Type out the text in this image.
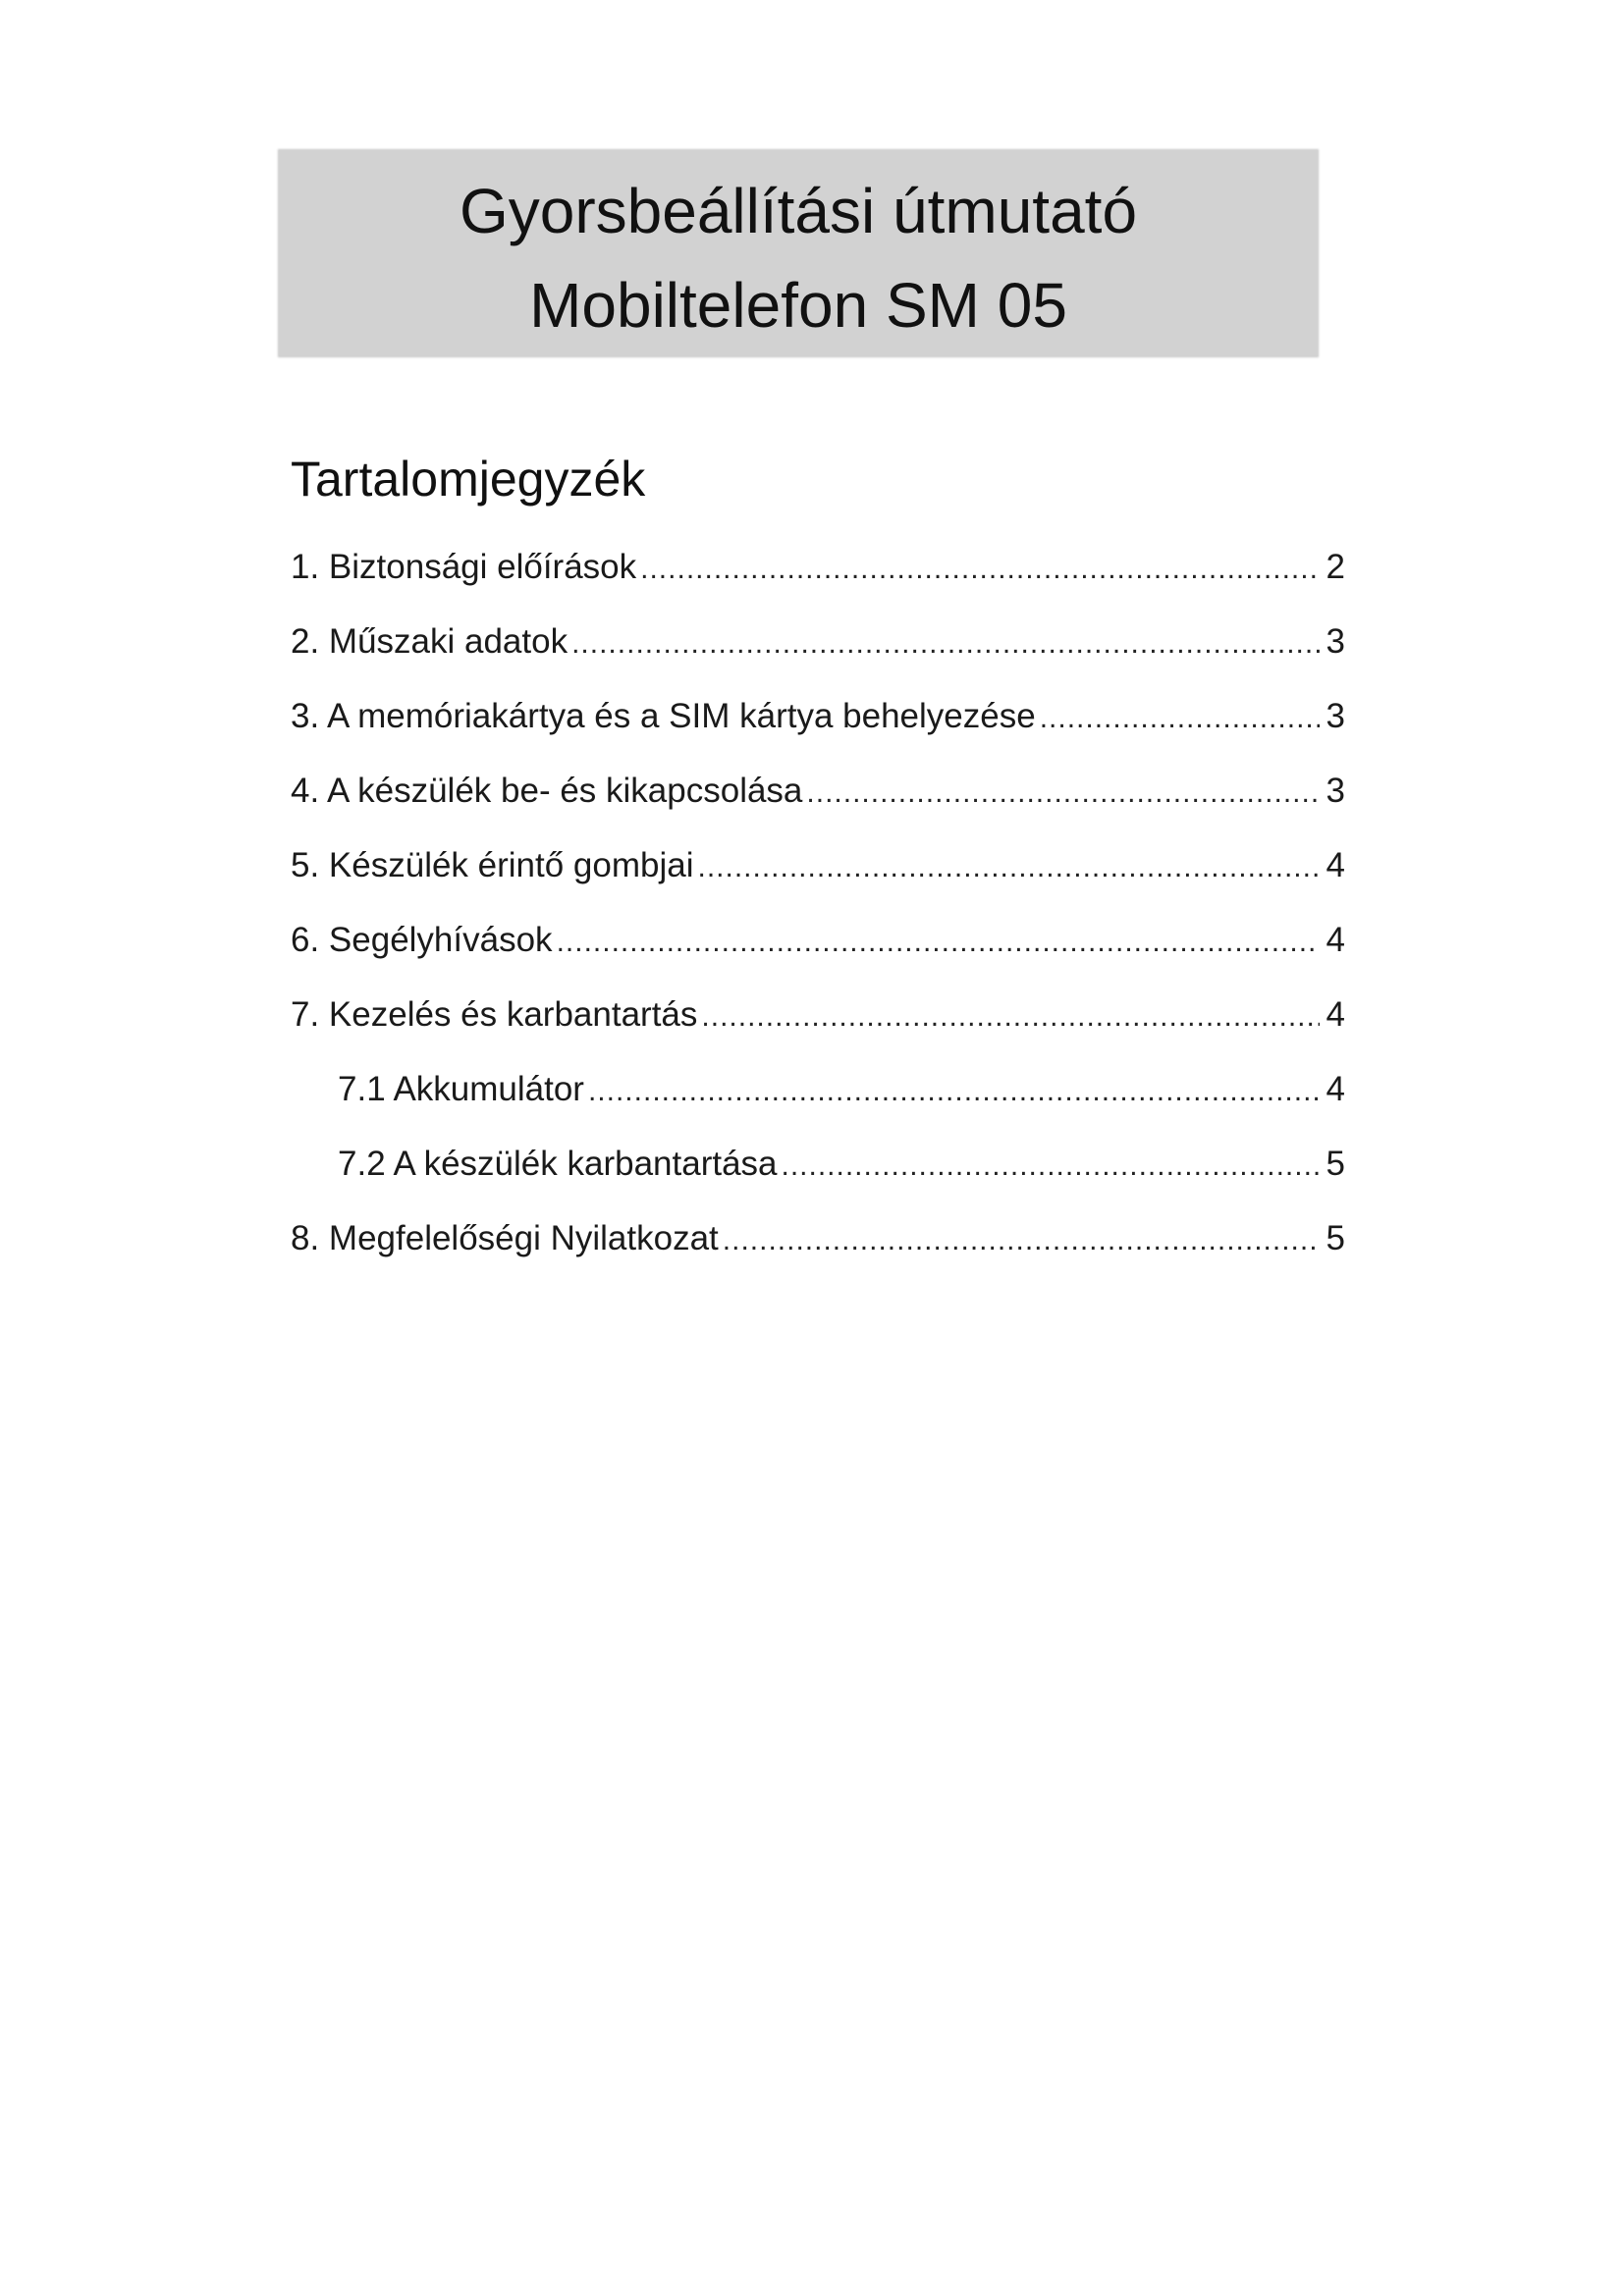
Gyorsbeállítási útmutató
Mobiltelefon SM 05
Tartalomjegyzék
1. Biztonsági előírások .....	2
2. Műszaki adatok .....	3
3. A memóriakártya és a SIM kártya behelyezése .....	3
4. A készülék be- és kikapcsolása .....	3
5. Készülék érintő gombjai .....	4
6. Segélyhívások .....	4
7. Kezelés és karbantartás .....	4
7.1 Akkumulátor .....	4
7.2 A készülék karbantartása .....	5
8. Megfelelőségi Nyilatkozat .....	5
